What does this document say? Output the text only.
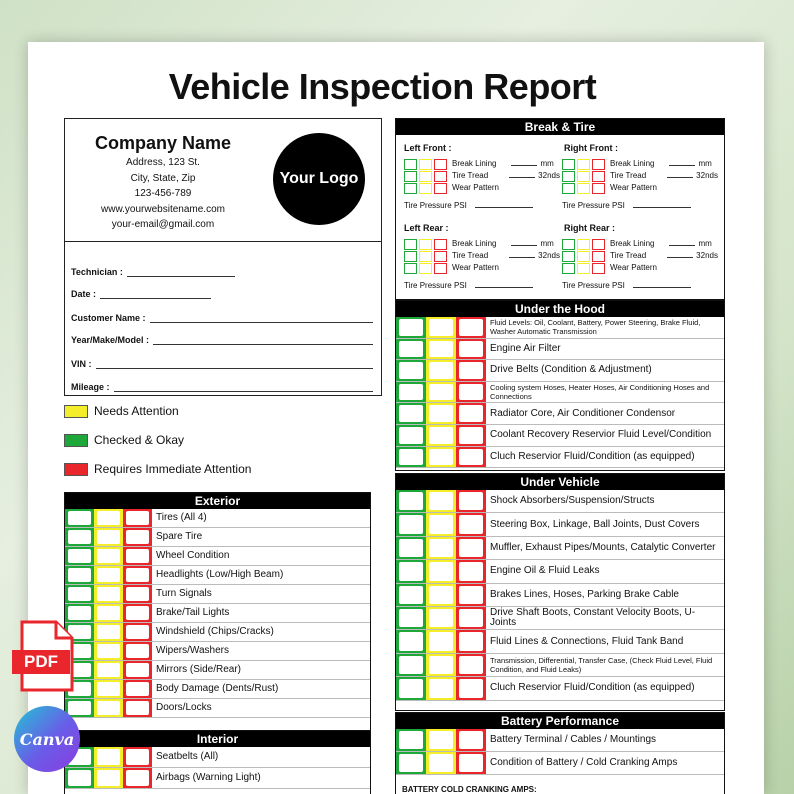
Vehicle Inspection Report
Company Name
Address, 123 St.
City, State, Zip
123-456-789
www.yourwebsitename.com
your-email@gmail.com
Your Logo
Technician :
Date :
Customer Name :
Year/Make/Model :
VIN :
Mileage :
Exterior
Tires (All 4)
Spare Tire
Wheel Condition
Headlights (Low/High Beam)
Turn Signals
Brake/Tail Lights
Windshield (Chips/Cracks)
Wipers/Washers
Mirrors (Side/Rear)
Body Damage (Dents/Rust)
Doors/Locks
Interior
Seatbelts (All)
Airbags (Warning Light)
Break & Tire
Left Front :
Break Lining	mm
Tire Tread	32nds
Wear Pattern
Tire Pressure PSI
Right Front :
Break Lining	mm
Tire Tread	32nds
Wear Pattern
Tire Pressure PSI
Left Rear :
Break Lining	mm
Tire Tread	32nds
Wear Pattern
Tire Pressure PSI
Right Rear :
Break Lining	mm
Tire Tread	32nds
Wear Pattern
Tire Pressure PSI
Under the Hood
Fluid Levels: Oil, Coolant, Battery, Power Steering, Brake Fluid, Washer Automatic Transmission
Engine Air Filter
Drive Belts (Condition & Adjustment)
Cooling system Hoses, Heater Hoses, Air Conditioning Hoses and Connections
Radiator Core, Air Conditioner Condensor
Coolant Recovery Reservior Fluid Level/Condition
Cluch Reservior Fluid/Condition (as equipped)
Under Vehicle
Shock Absorbers/Suspension/Structs
Steering Box, Linkage, Ball Joints, Dust Covers
Muffler, Exhaust Pipes/Mounts, Catalytic Converter
Engine Oil & Fluid Leaks
Brakes Lines, Hoses, Parking Brake Cable
Drive Shaft Boots, Constant Velocity Boots, U-Joints
Fluid Lines & Connections, Fluid Tank Band
Transmission, Differential, Transfer Case, (Check Fluid Level, Fluid Condition, and Fluid Leaks)
Cluch Reservior Fluid/Condition (as equipped)
Battery Performance
BATTERY COLD CRANKING AMPS:
Battery Terminal / Cables / Mountings
Condition of Battery / Cold Cranking Amps
Needs Attention
Checked & Okay
Requires Immediate Attention
PDF
Canva
